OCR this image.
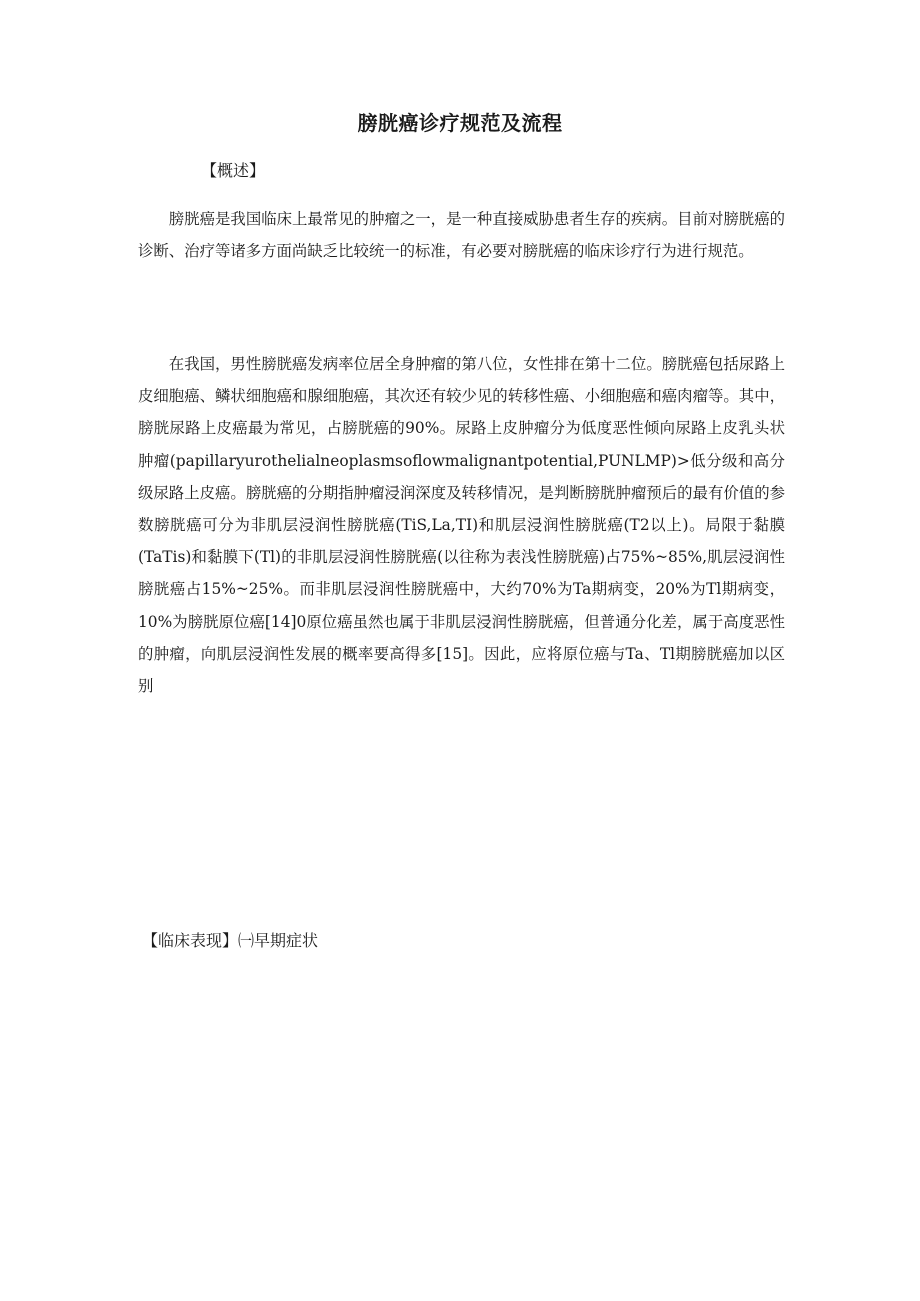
膀胱癌诊疗规范及流程
【概述】

膀胱癌是我国临床上最常见的肿瘤之一，是一种直接威胁患者生存的疾病。目前对膀胱癌的诊断、治疗等诸多方面尚缺乏比较统一的标准，有必要对膀胱癌的临床诊疗行为进行规范。

在我国，男性膀胱癌发病率位居全身肿瘤的第八位，女性排在第十二位。膀胱癌包括尿路上皮细胞癌、鳞状细胞癌和腺细胞癌，其次还有较少见的转移性癌、小细胞癌和癌肉瘤等。其中，膀胱尿路上皮癌最为常见，占膀胱癌的90%。尿路上皮肿瘤分为低度恶性倾向尿路上皮乳头状肿瘤(papillaryurothelialneoplasmsoflowmalignantpotential,PUNLMP)>低分级和高分级尿路上皮癌。膀胱癌的分期指肿瘤浸润深度及转移情况，是判断膀胱肿瘤预后的最有价值的参数膀胱癌可分为非肌层浸润性膀胱癌(TiS,La,TI)和肌层浸润性膀胱癌(T2以上)。局限于黏膜(TaTis)和黏膜下(Tl)的非肌层浸润性膀胱癌(以往称为表浅性膀胱癌)占75%~85%,肌层浸润性膀胱癌占15%~25%。而非肌层浸润性膀胱癌中，大约70%为Ta期病变，20%为Tl期病变，10%为膀胱原位癌[14]0原位癌虽然也属于非肌层浸润性膀胱癌，但普通分化差，属于高度恶性的肿瘤，向肌层浸润性发展的概率要高得多[15]。因此，应将原位癌与Ta、Tl期膀胱癌加以区别

【临床表现】㈠早期症状
